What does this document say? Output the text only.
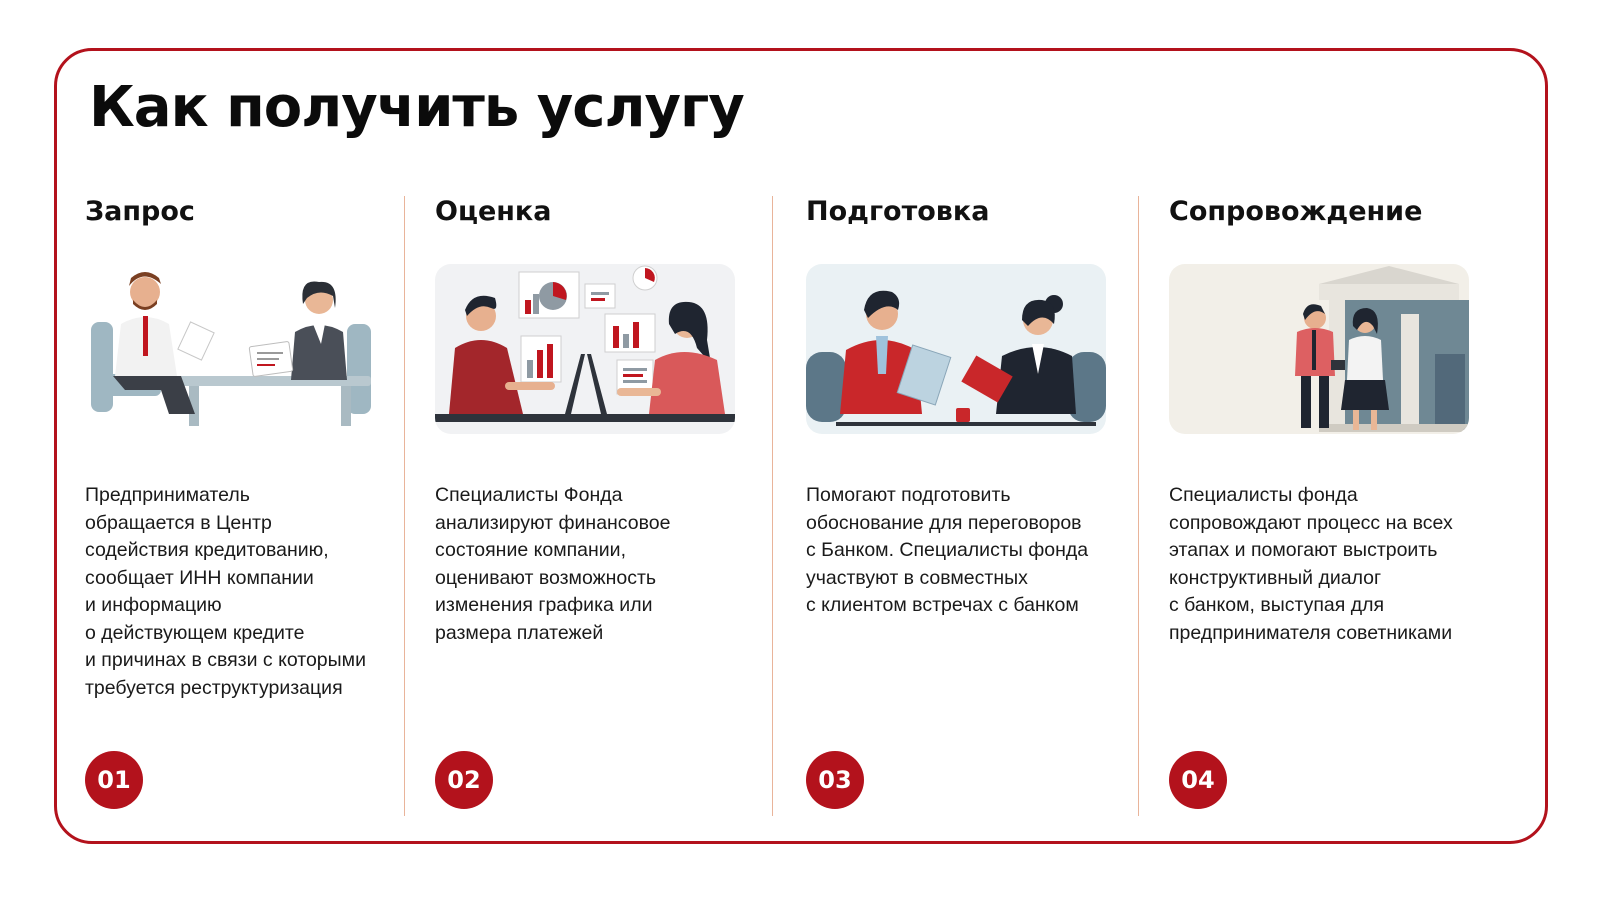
Как получить услугу
Запрос

Предприниматель
обращается в Центр
содействия кредитованию,
сообщает ИНН компании
и информацию
о действующем кредите
и причинах в связи с которыми
требуется реструктуризация

01
Оценка

Специалисты Фонда
анализируют финансовое
состояние компании,
оценивают возможность
изменения графика или
размера платежей

02
Подготовка

Помогают подготовить
обоснование для переговоров
с Банком. Специалисты фонда
участвуют в совместных
с клиентом встречах с банком

03
Сопровождение

Специалисты фонда
сопровождают процесс на всех
этапах и помогают выстроить
конструктивный диалог
с банком, выступая для
предпринимателя советниками

04
